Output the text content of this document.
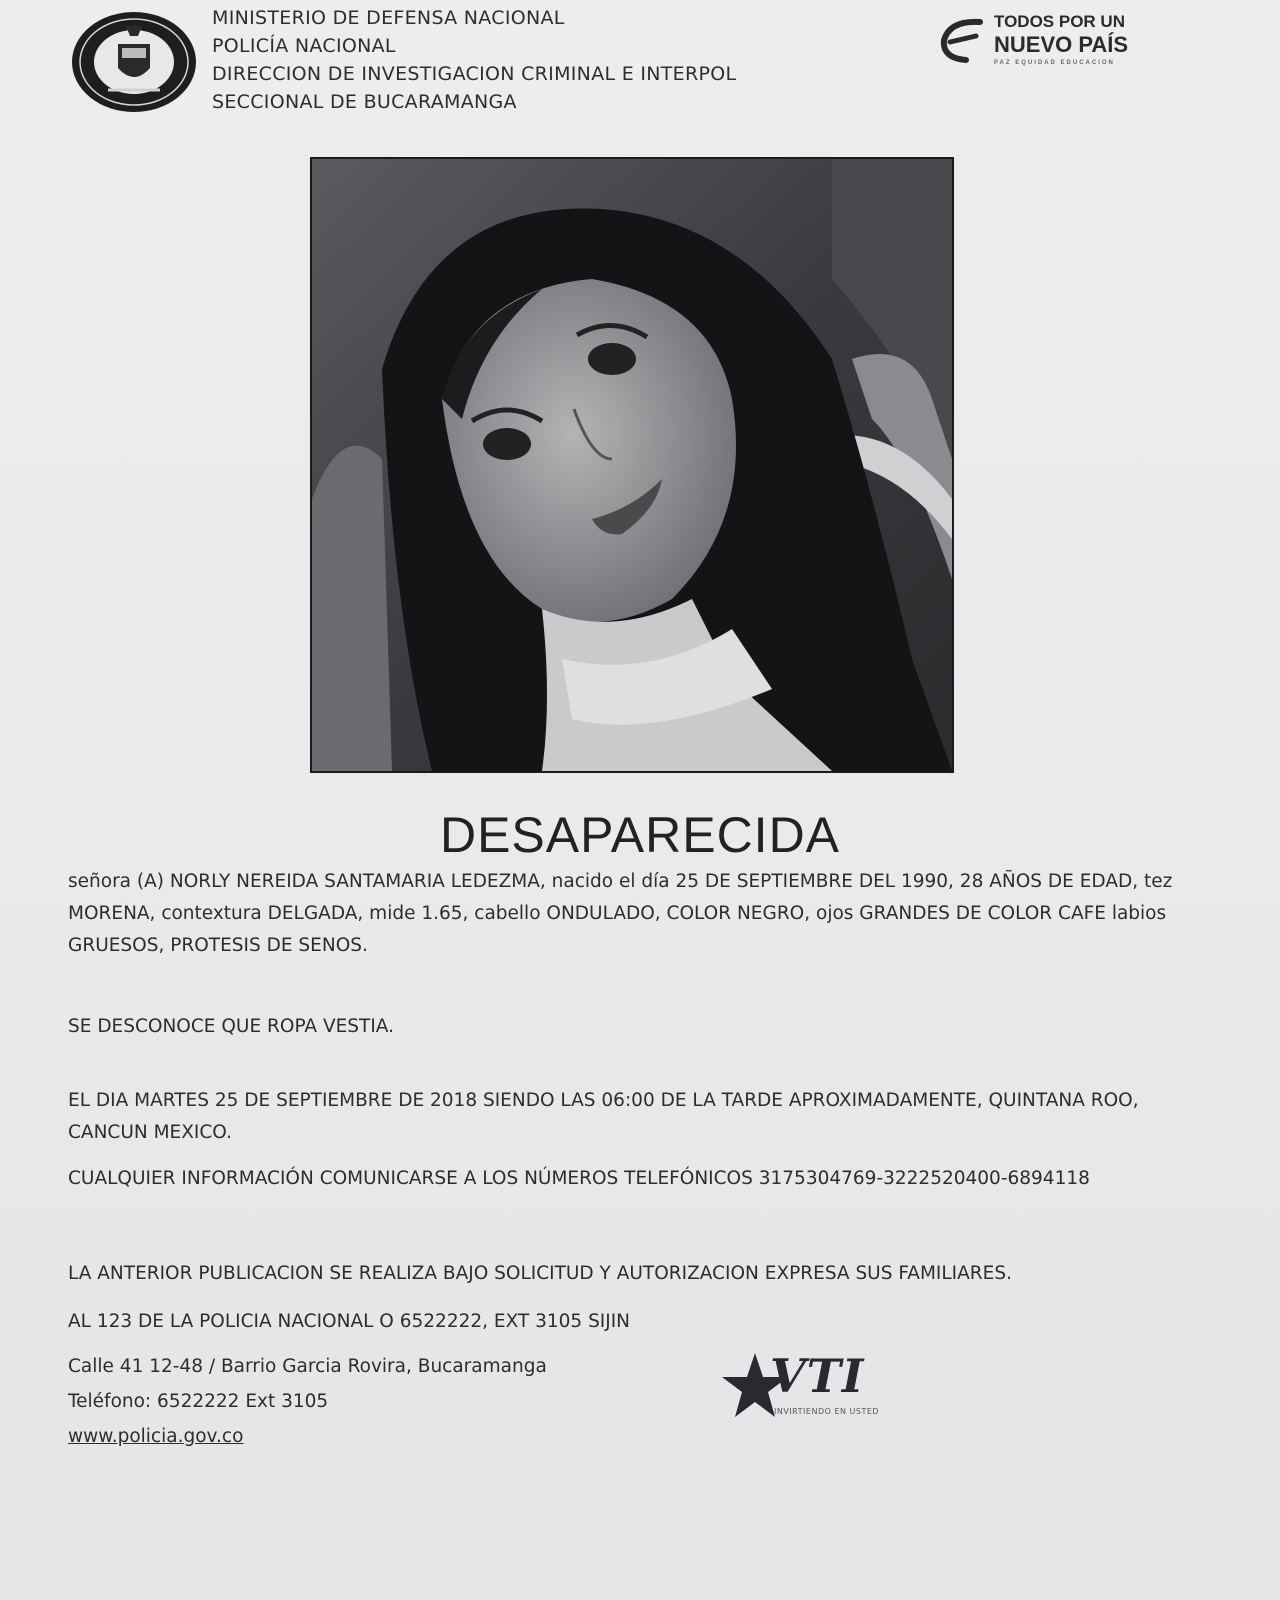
MINISTERIO DE DEFENSA NACIONAL
POLICÍA NACIONAL
DIRECCION DE INVESTIGACION CRIMINAL E INTERPOL
SECCIONAL DE BUCARAMANGA
TODOS POR UN
NUEVO PAÍS
PAZ EQUIDAD EDUCACION
DESAPARECIDA
señora (A) NORLY NEREIDA SANTAMARIA LEDEZMA, nacido el día 25 DE SEPTIEMBRE DEL 1990, 28 AÑOS DE EDAD, tez MORENA, contextura DELGADA, mide 1.65, cabello ONDULADO, COLOR NEGRO, ojos GRANDES DE COLOR CAFE labios GRUESOS, PROTESIS DE SENOS.
SE DESCONOCE QUE ROPA VESTIA.
EL DIA MARTES 25 DE SEPTIEMBRE DE 2018 SIENDO LAS 06:00 DE LA TARDE APROXIMADAMENTE, QUINTANA ROO, CANCUN MEXICO.
CUALQUIER INFORMACIÓN COMUNICARSE A LOS NÚMEROS TELEFÓNICOS 3175304769-3222520400-6894118
LA ANTERIOR PUBLICACION SE REALIZA BAJO SOLICITUD Y AUTORIZACION EXPRESA SUS FAMILIARES.
AL 123 DE LA POLICIA NACIONAL O 6522222, EXT 3105 SIJIN
Calle 41 12-48 / Barrio Garcia Rovira, Bucaramanga
Teléfono: 6522222 Ext 3105
www.policia.gov.co
VTI
INVIRTIENDO EN USTED
